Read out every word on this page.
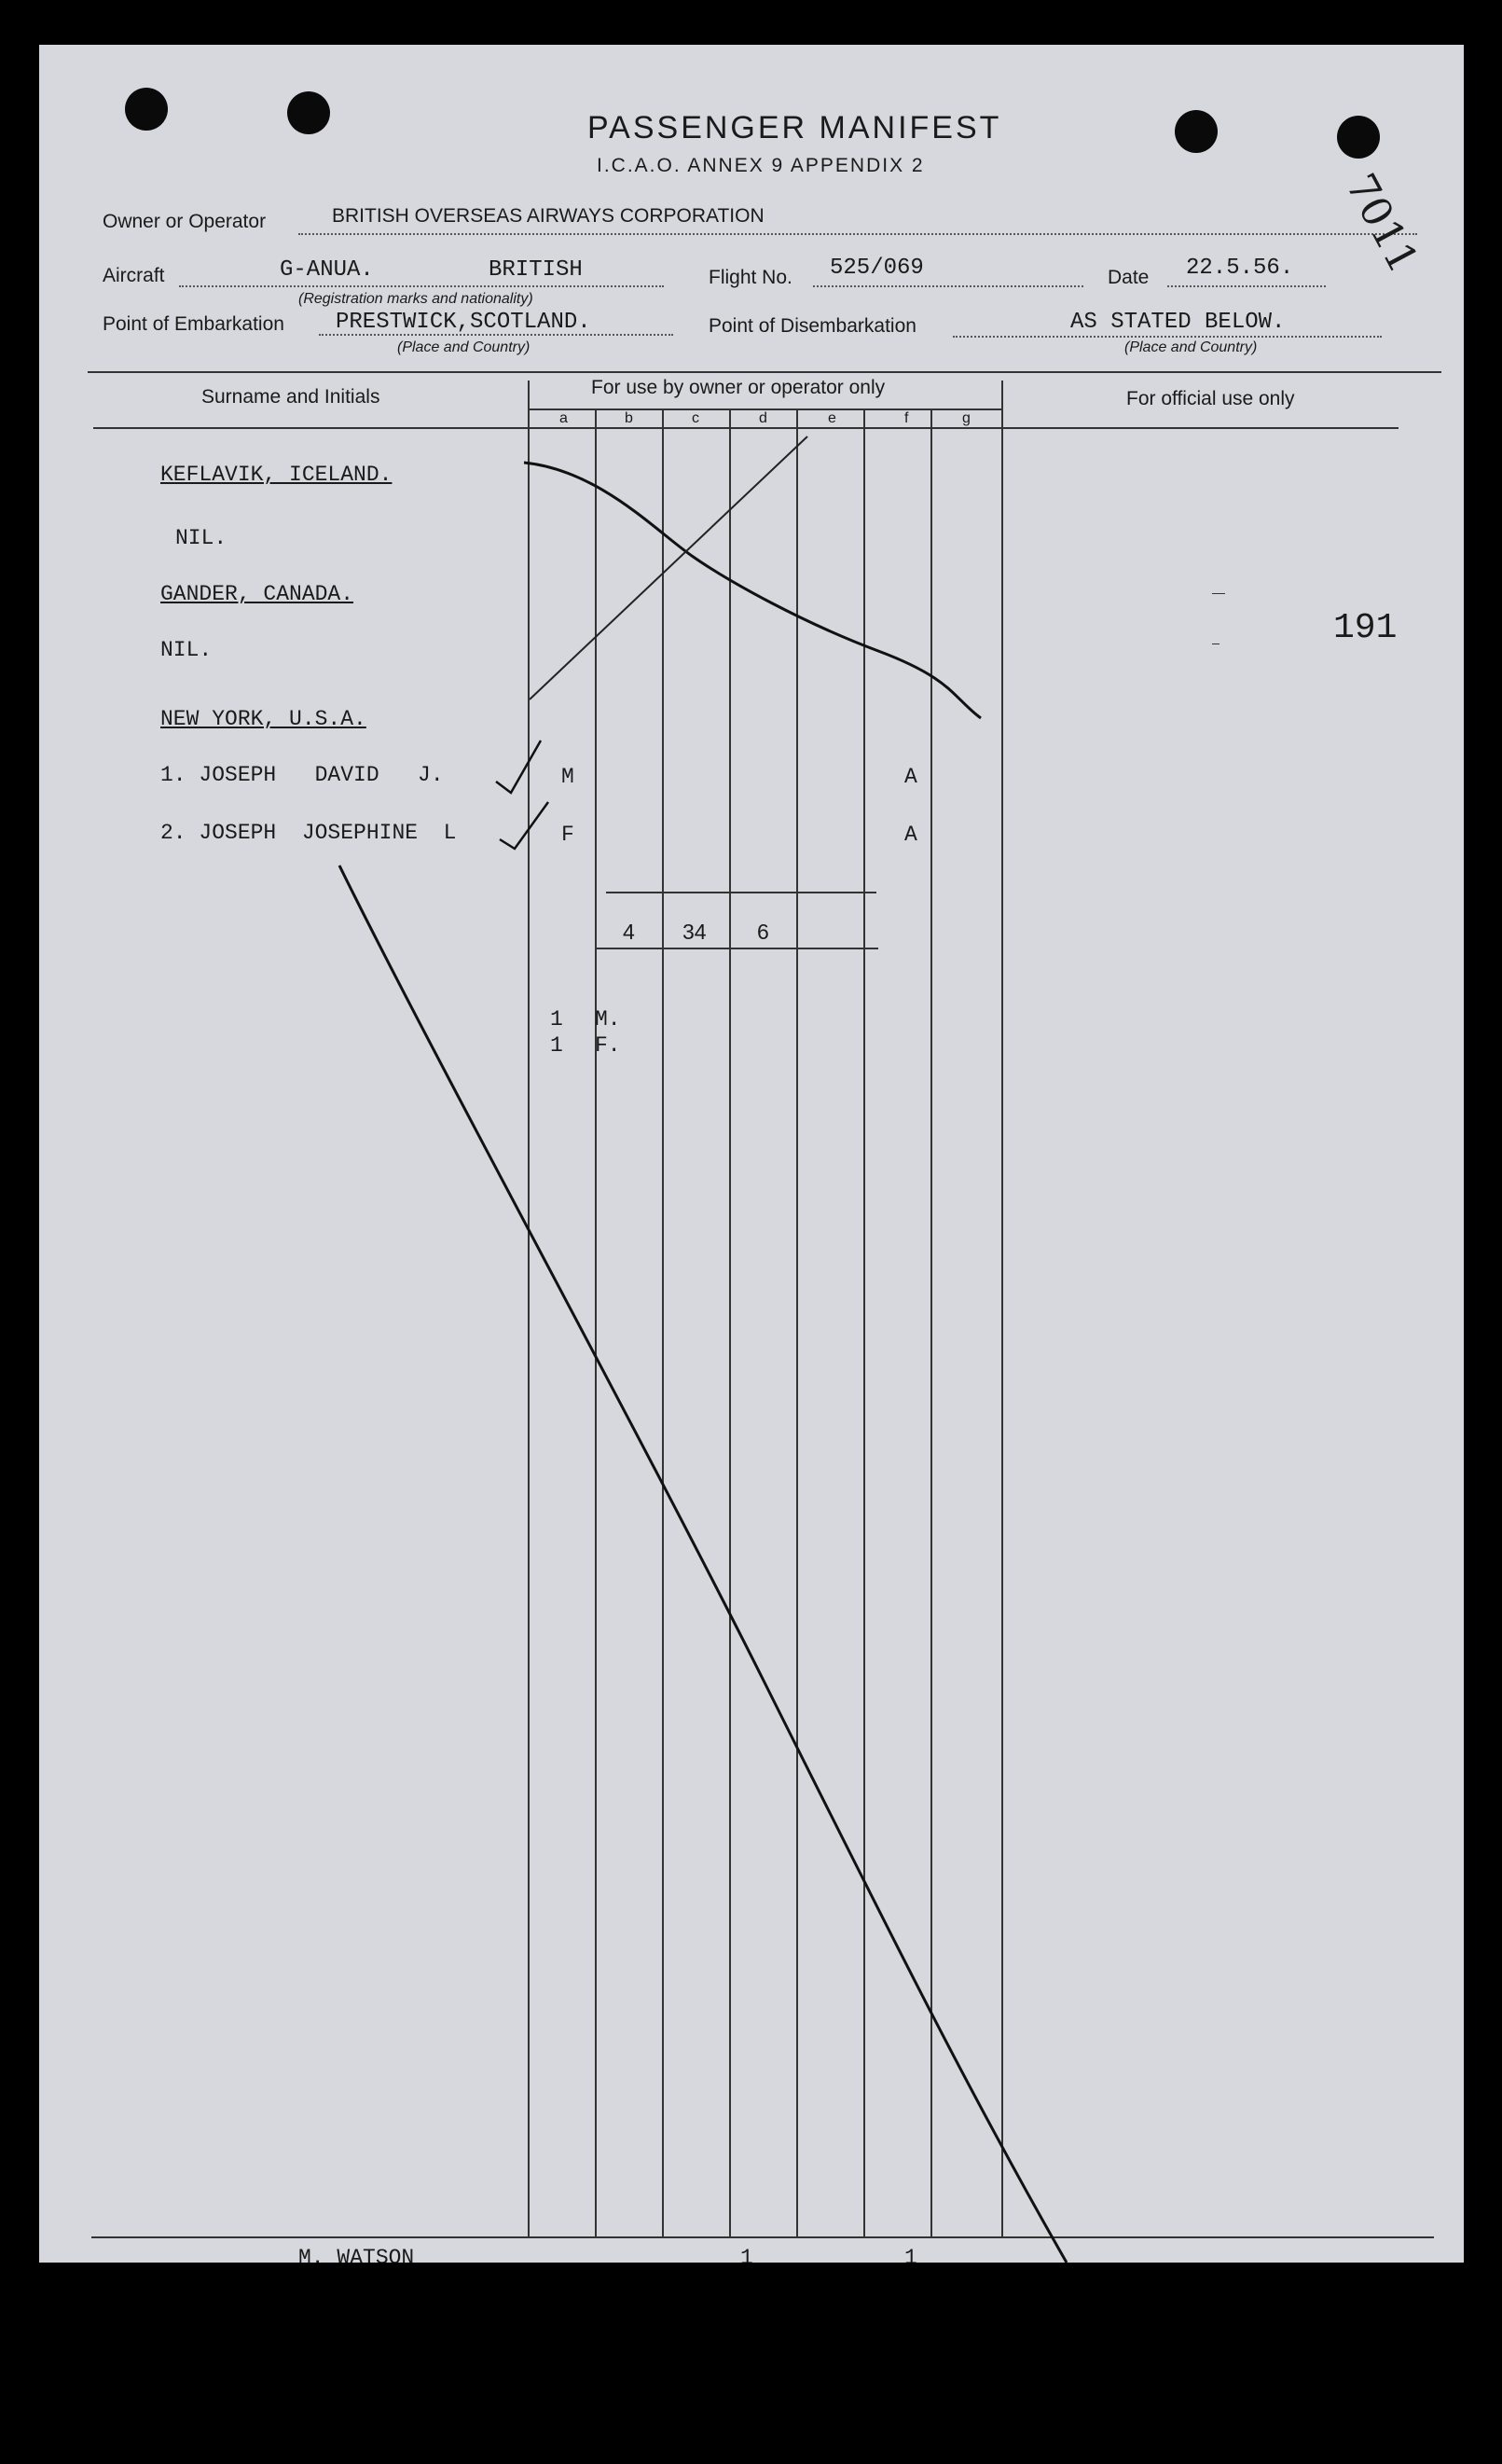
PASSENGER MANIFEST
I.C.A.O. ANNEX 9 APPENDIX 2
Owner or Operator	BRITISH OVERSEAS AIRWAYS CORPORATION
Aircraft	G-ANUA.	BRITISH
(Registration marks and nationality)
Flight No. 525/069	Date 22.5.56.
Point of Embarkation PRESTWICK,SCOTLAND.
(Place and Country)
Point of Disembarkation	AS STATED BELOW.
(Place and Country)
7011
Surname and Initials	For use by owner or operator only
For official use only
a	b	c	d	e	f	g
KEFLAVIK, ICELAND.
NIL.
GANDER, CANADA.
NIL.
NEW YORK, U.S.A.
1. JOSEPH   DAVID   J.	M	A
2. JOSEPH  JOSEPHINE  L	F	A
4 34 6
1 M.
1 F.
191
M. WATSON	1	1
